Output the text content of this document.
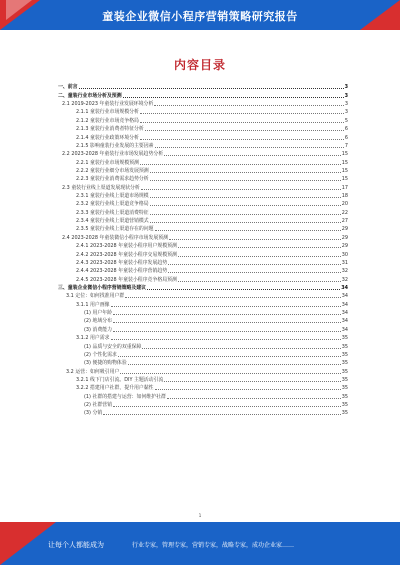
童装企业微信小程序营销策略研究报告
内容目录
一、前言	3
二、童装行业市场分析及预测	3
2.1 2019-2023 年童装行业发展环境分析	3
2.1.1 童装行业市场规模分析	3
2.1.2 童装行业市场竞争格局	5
2.1.3 童装行业消费者特征分析	6
2.1.4 童装行业政策环境分析	6
2.1.5 影响童装行业发展的主要因素	7
2.2 2023-2028 年童装行业市场发展趋势分析	15
2.2.1 童装行业市场规模预测	15
2.2.2 童装行业细分市场发展预测	15
2.2.3 童装行业消费需求趋势分析	15
2.3 童装行业线上渠道发展现状分析	17
2.3.1 童装行业线上渠道市场规模	18
2.3.2 童装行业线上渠道竞争格局	20
2.3.3 童装行业线上渠道消费特征	22
2.3.4 童装行业线上渠道营销模式	27
2.3.5 童装行业线上渠道存在的问题	29
2.4 2023-2028 年童装微信小程序市场发展预测	29
2.4.1 2023-2028 年童装小程序用户规模预测	29
2.4.2 2023-2028 年童装小程序交易规模预测	30
2.4.3 2023-2028 年童装小程序发展趋势	31
2.4.4 2023-2028 年童装小程序营销趋势	32
2.4.5 2023-2028 年童装小程序竞争格局预测	32
三、童装企业微信小程序营销策略及建议	34
3.1 定位：如何找准用户群	34
3.1.1 用户画像	34
(1) 用户年龄	34
(2) 地域分布	34
(3) 消费能力	34
3.1.2 用户需求	35
(1) 品质与安全的双重保障	35
(2) 个性化需求	35
(3) 便捷的购物体验	35
3.2 运营：如何吸引用户	35
3.2.1 线下门店引流、DIY 主题活动引流	35
3.2.2 搭建用户社群，提升用户黏性	35
(1) 社群的搭建与运营：如何维护社群	35
(2) 社群营销	35
(3) 分销	35
1
让每个人都能成为	行业专家，管理专家，营销专家，战略专家，成功企业家……
